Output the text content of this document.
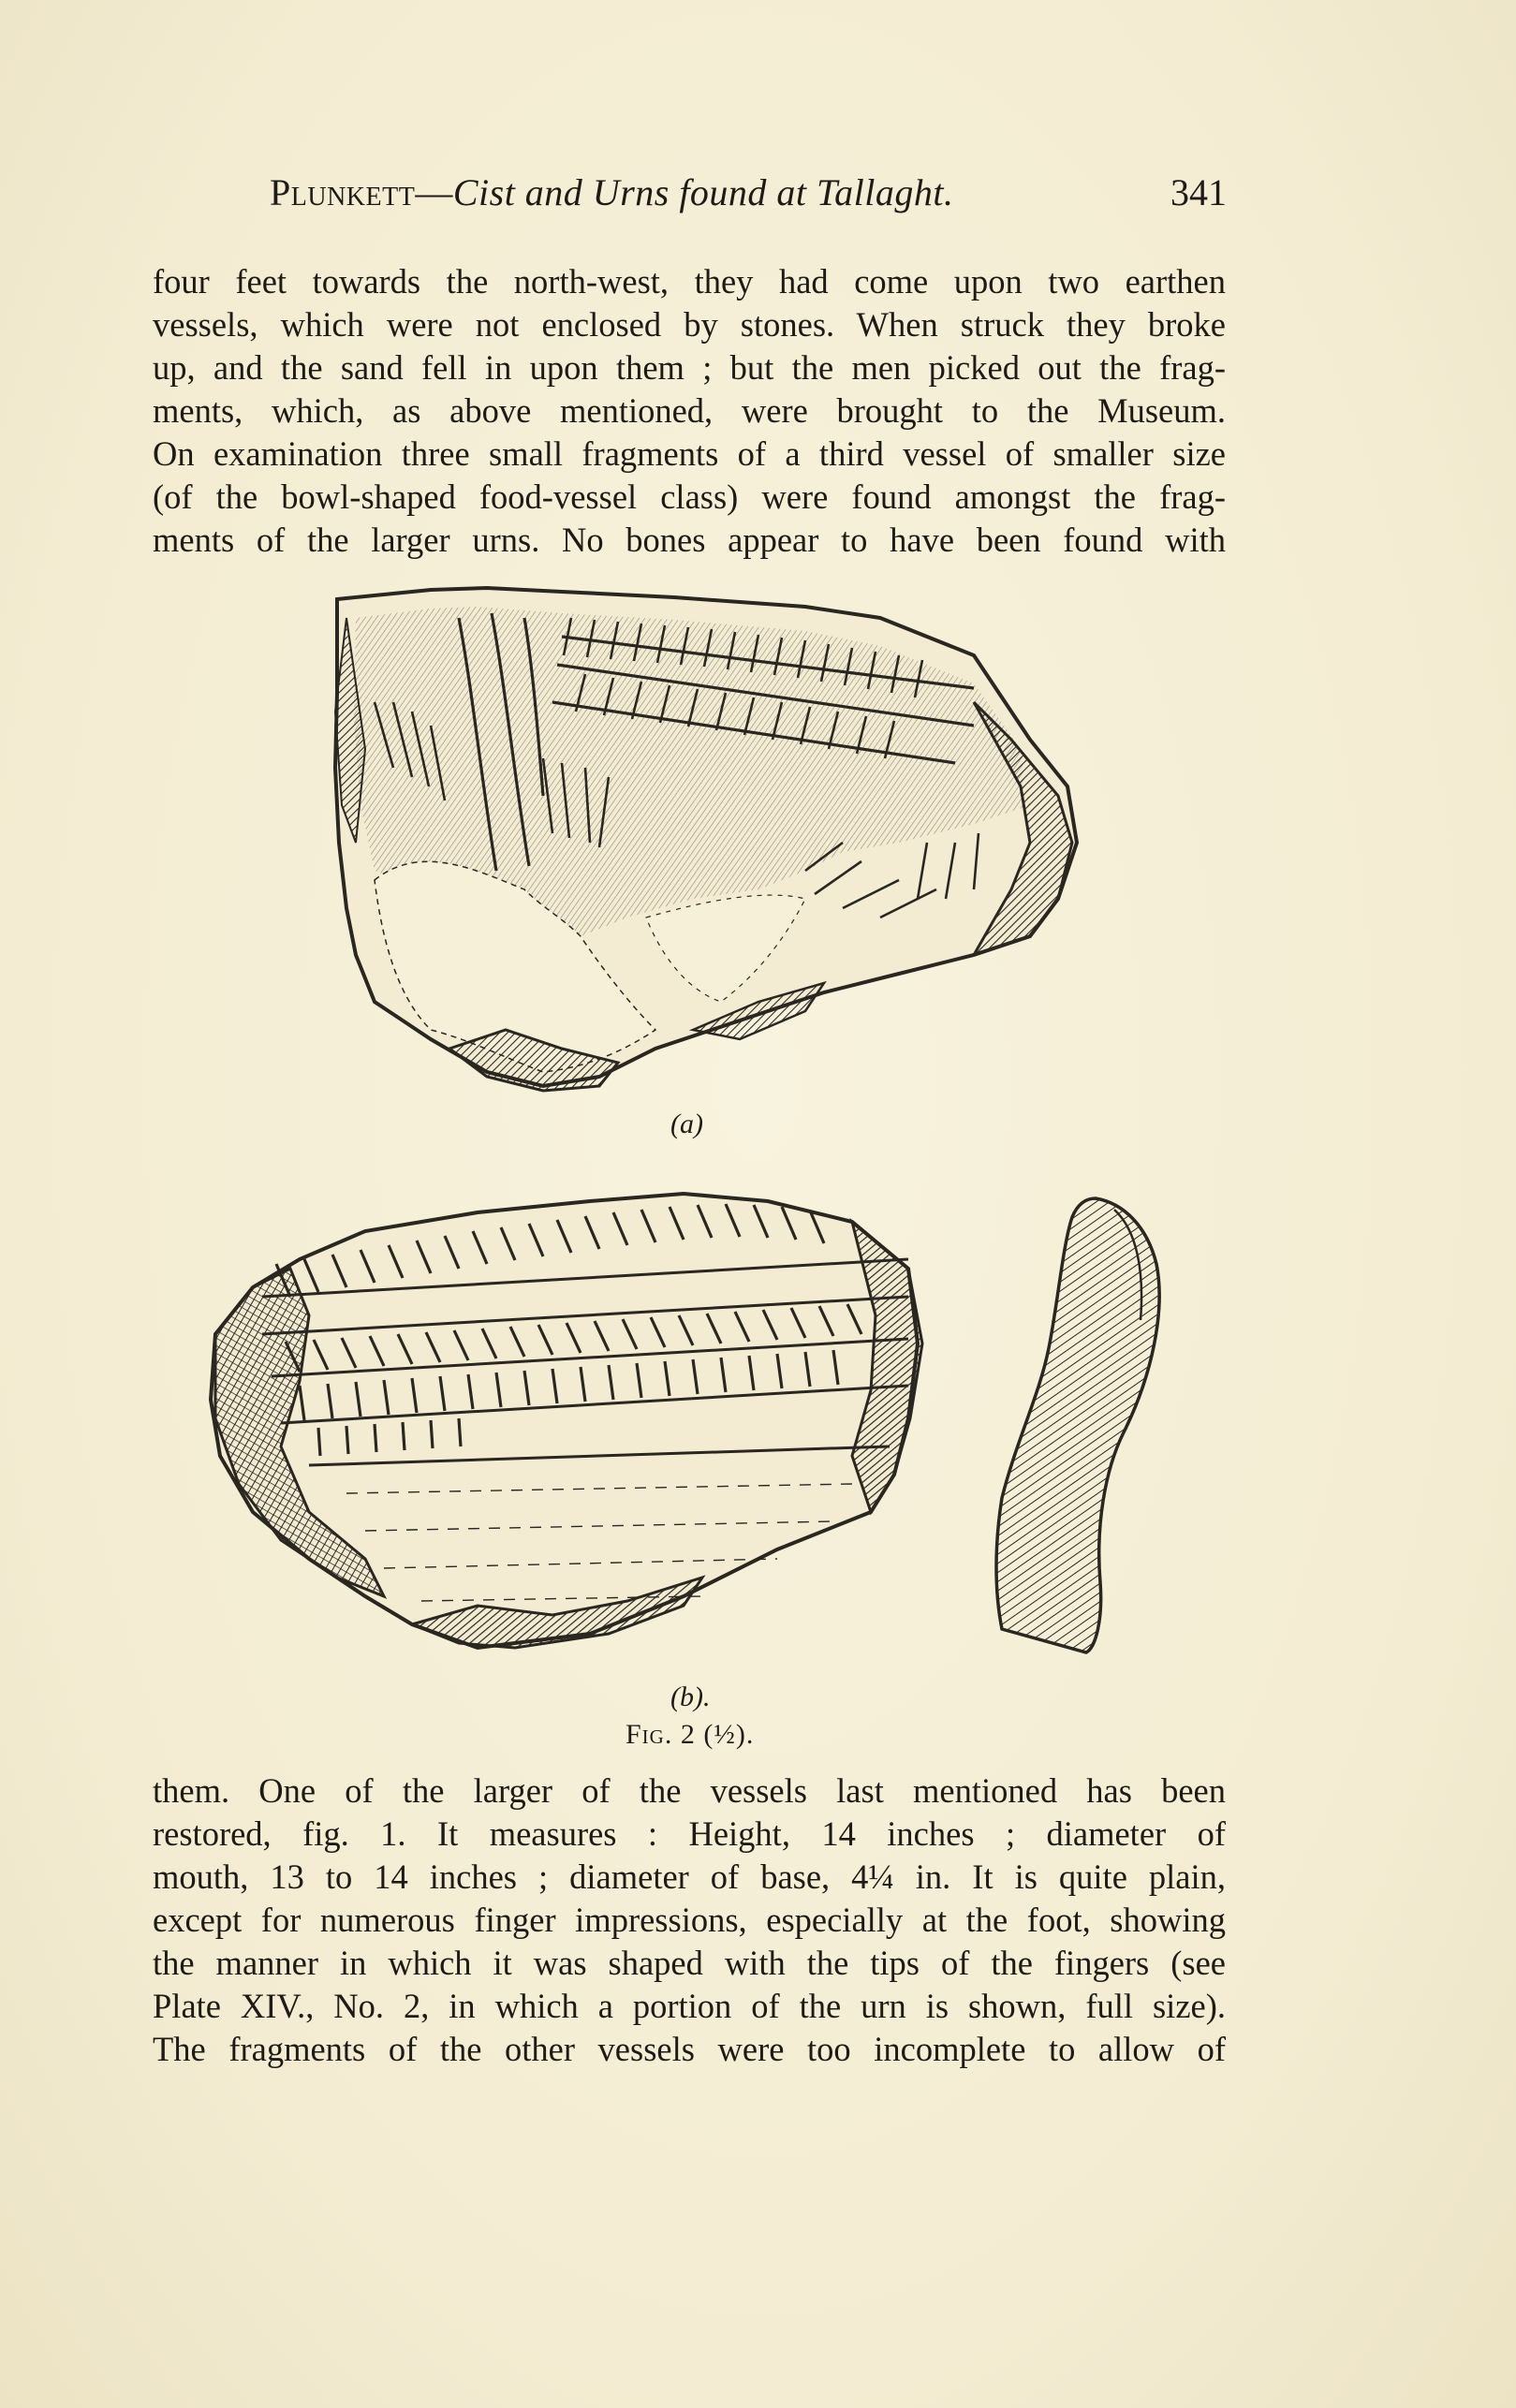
Plunkett—Cist and Urns found at Tallaght.	341
four feet towards the north-west, they had come upon two earthen
vessels, which were not enclosed by stones. When struck they broke
up, and the sand fell in upon them ; but the men picked out the frag-
ments, which, as above mentioned, were brought to the Museum.
On examination three small fragments of a third vessel of smaller size
(of the bowl-shaped food-vessel class) were found amongst the frag-
ments of the larger urns. No bones appear to have been found with
(a)
(b).
Fig. 2 (½).
them. One of the larger of the vessels last mentioned has been
restored, fig. 1. It measures : Height, 14 inches ; diameter of
mouth, 13 to 14 inches ; diameter of base, 4¼ in. It is quite plain,
except for numerous finger impressions, especially at the foot, showing
the manner in which it was shaped with the tips of the fingers (see
Plate XIV., No. 2, in which a portion of the urn is shown, full size).
The fragments of the other vessels were too incomplete to allow of
